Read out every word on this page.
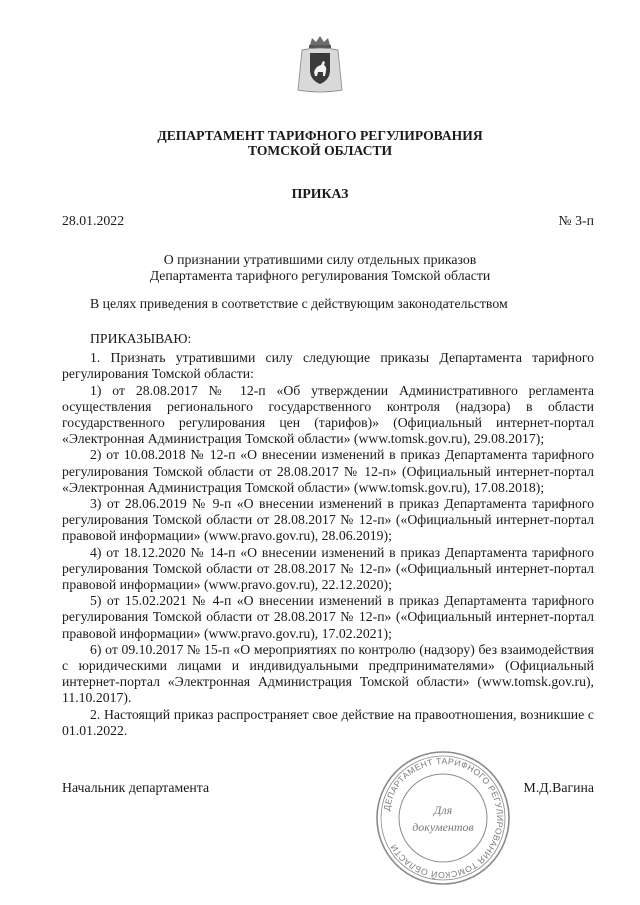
ДЕПАРТАМЕНТ ТАРИФНОГО РЕГУЛИРОВАНИЯ
ТОМСКОЙ ОБЛАСТИ
ПРИКАЗ
28.01.2022	№ 3-п
О признании утратившими силу отдельных приказов
Департамента тарифного регулирования Томской области
В целях приведения в соответствие с действующим законодательством
ПРИКАЗЫВАЮ:

1. Признать утратившими силу следующие приказы Департамента тарифного регулирования Томской области:

1) от 28.08.2017 № 12-п «Об утверждении Административного регламента осуществления регионального государственного контроля (надзора) в области государственного регулирования цен (тарифов)» (Официальный интернет-портал «Электронная Администрация Томской области» (www.tomsk.gov.ru), 29.08.2017);

2) от 10.08.2018 № 12-п «О внесении изменений в приказ Департамента тарифного регулирования Томской области от 28.08.2017 № 12-п» (Официальный интернет-портал «Электронная Администрация Томской области» (www.tomsk.gov.ru), 17.08.2018);

3) от 28.06.2019 № 9-п «О внесении изменений в приказ Департамента тарифного регулирования Томской области от 28.08.2017 № 12-п» («Официальный интернет-портал правовой информации» (www.pravo.gov.ru), 28.06.2019);

4) от 18.12.2020 № 14-п «О внесении изменений в приказ Департамента тарифного регулирования Томской области от 28.08.2017 № 12-п» («Официальный интернет-портал правовой информации» (www.pravo.gov.ru), 22.12.2020);

5) от 15.02.2021 № 4-п «О внесении изменений в приказ Департамента тарифного регулирования Томской области от 28.08.2017 № 12-п» («Официальный интернет-портал правовой информации» (www.pravo.gov.ru), 17.02.2021);

6) от 09.10.2017 № 15-п «О мероприятиях по контролю (надзору) без взаимодействия с юридическими лицами и индивидуальными предпринимателями» (Официальный интернет-портал «Электронная Администрация Томской области» (www.tomsk.gov.ru), 11.10.2017).

2. Настоящий приказ распространяет свое действие на правоотношения, возникшие с 01.01.2022.

Начальник департамента	М.Д.Вагина
ДЕПАРТАМЕНТ ТАРИФНОГО РЕГУЛИРОВАНИЯ ТОМСКОЙ ОБЛАСТИ
Для
документов
